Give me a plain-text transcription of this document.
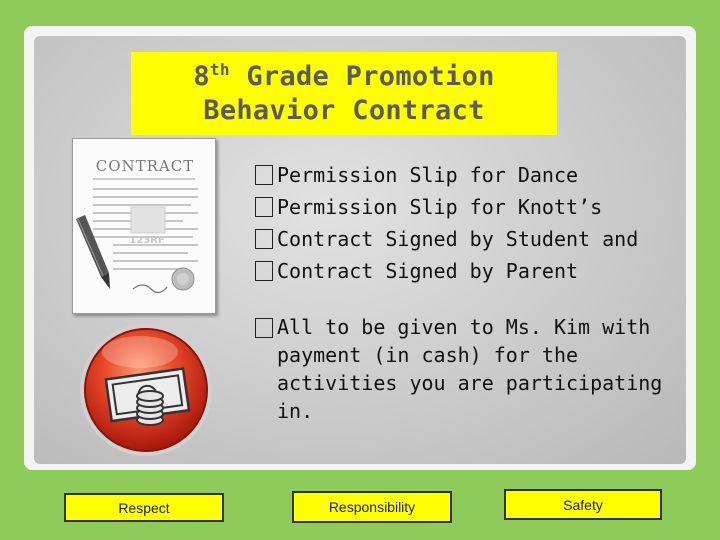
8th Grade Promotion
Behavior Contract
CONTRACT
123RF
Permission Slip for Dance
Permission Slip for Knott’s
Contract Signed by Student and
Contract Signed by Parent
All to be given to Ms. Kim with payment (in cash) for the activities you are participating in.
Respect	Responsibility	Safety
